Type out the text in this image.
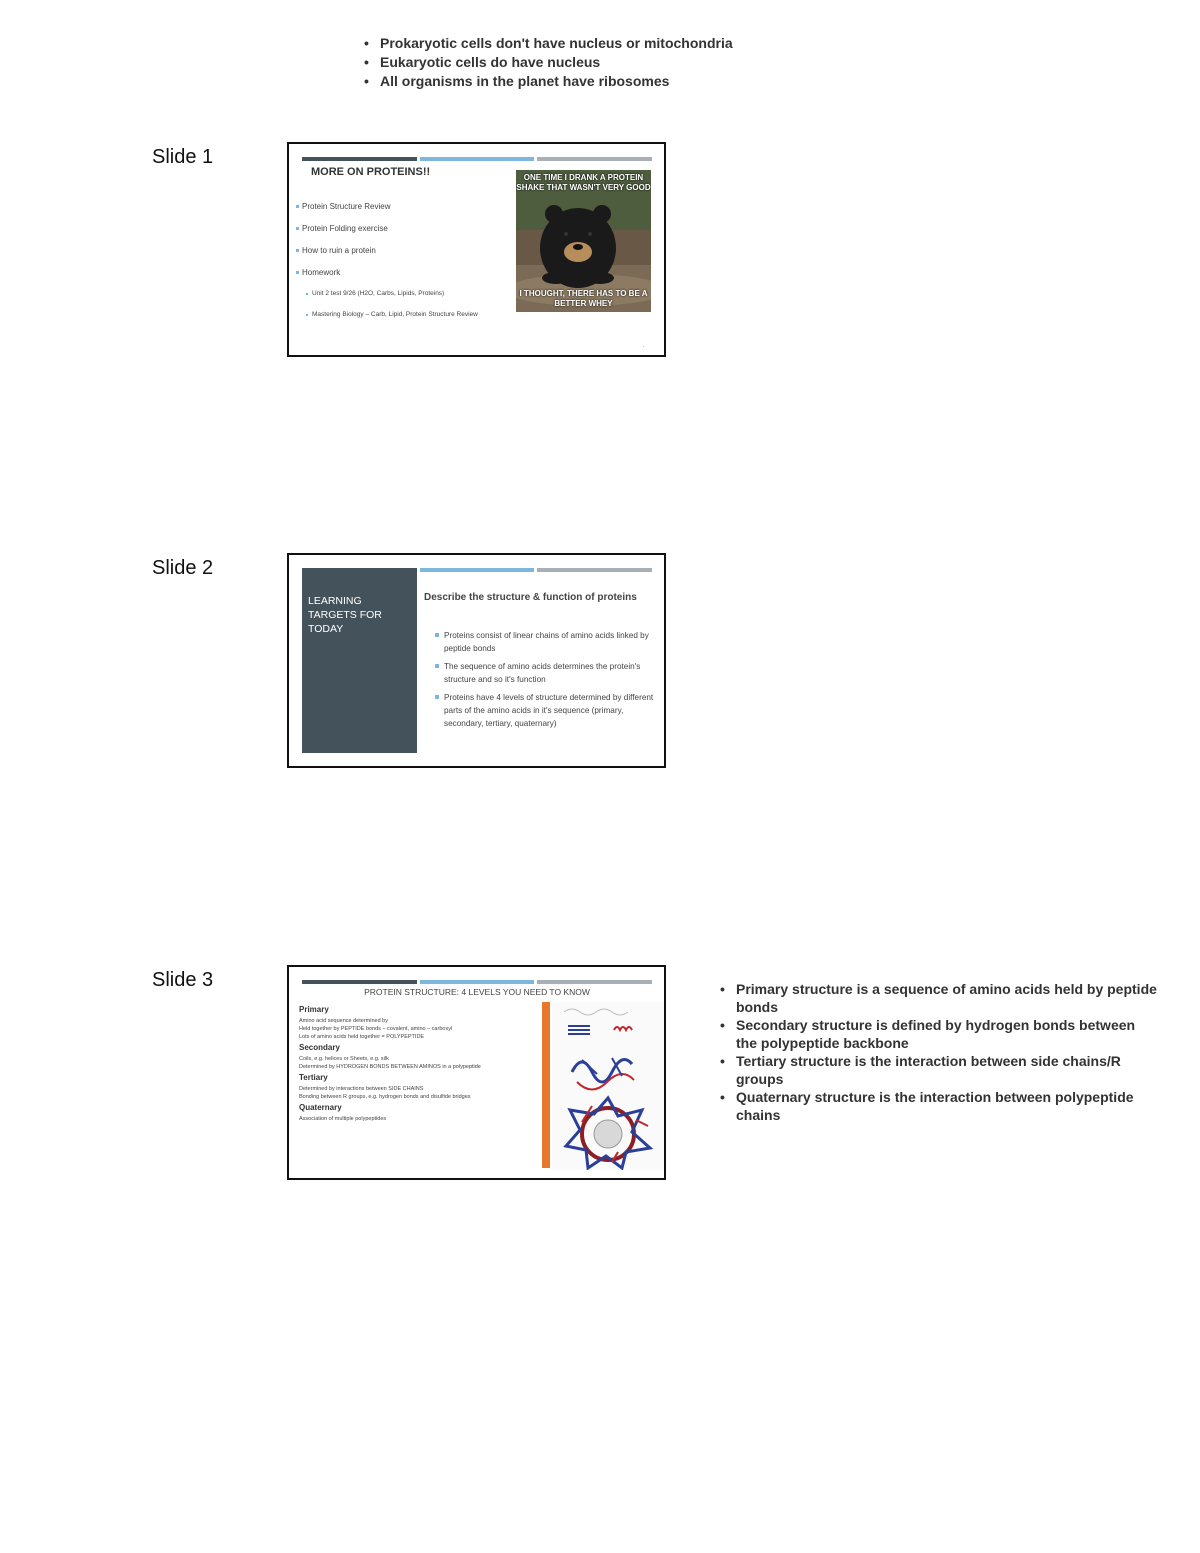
• Prokaryotic cells don't have nucleus or mitochondria
• Eukaryotic cells do have nucleus
• All organisms in the planet have ribosomes
Slide 1
MORE ON PROTEINS!!
Protein Structure Review
Protein Folding exercise
How to ruin a protein
Homework
Unit 2 test 9/26 (H2O, Carbs, Lipids, Proteins)
Mastering Biology – Carb, Lipid, Protein Structure Review
ONE TIME I DRANK A PROTEIN SHAKE THAT WASN'T VERY GOOD
I THOUGHT, THERE HAS TO BE A BETTER WHEY
.
Slide 2
LEARNING TARGETS FOR TODAY
Describe the structure & function of proteins
Proteins consist of linear chains of amino acids linked by peptide bonds
The sequence of amino acids determines the protein's structure and so it's function
Proteins have 4 levels of structure determined by different parts of the amino acids in it's sequence (primary, secondary, tertiary, quaternary)
Slide 3
PROTEIN STRUCTURE: 4 LEVELS YOU NEED TO KNOW
Primary
Amino acid sequence determined by
Held together by PEPTIDE bonds – covalent, amino – carboxyl
Lots of amino acids held together = POLYPEPTIDE
Secondary
Coils, e.g. helices or Sheets, e.g. silk
Determined by HYDROGEN BONDS BETWEEN AMINOS in a polypeptide
Tertiary
Determined by interactions between SIDE CHAINS
Bonding between R groups, e.g. hydrogen bonds and disulfide bridges
Quaternary
Association of multiple polypeptides
• Primary structure is a sequence of amino acids held by peptide bonds
• Secondary structure is defined by hydrogen bonds between the polypeptide backbone
• Tertiary structure is the interaction between side chains/R groups
• Quaternary structure is the interaction between polypeptide chains
